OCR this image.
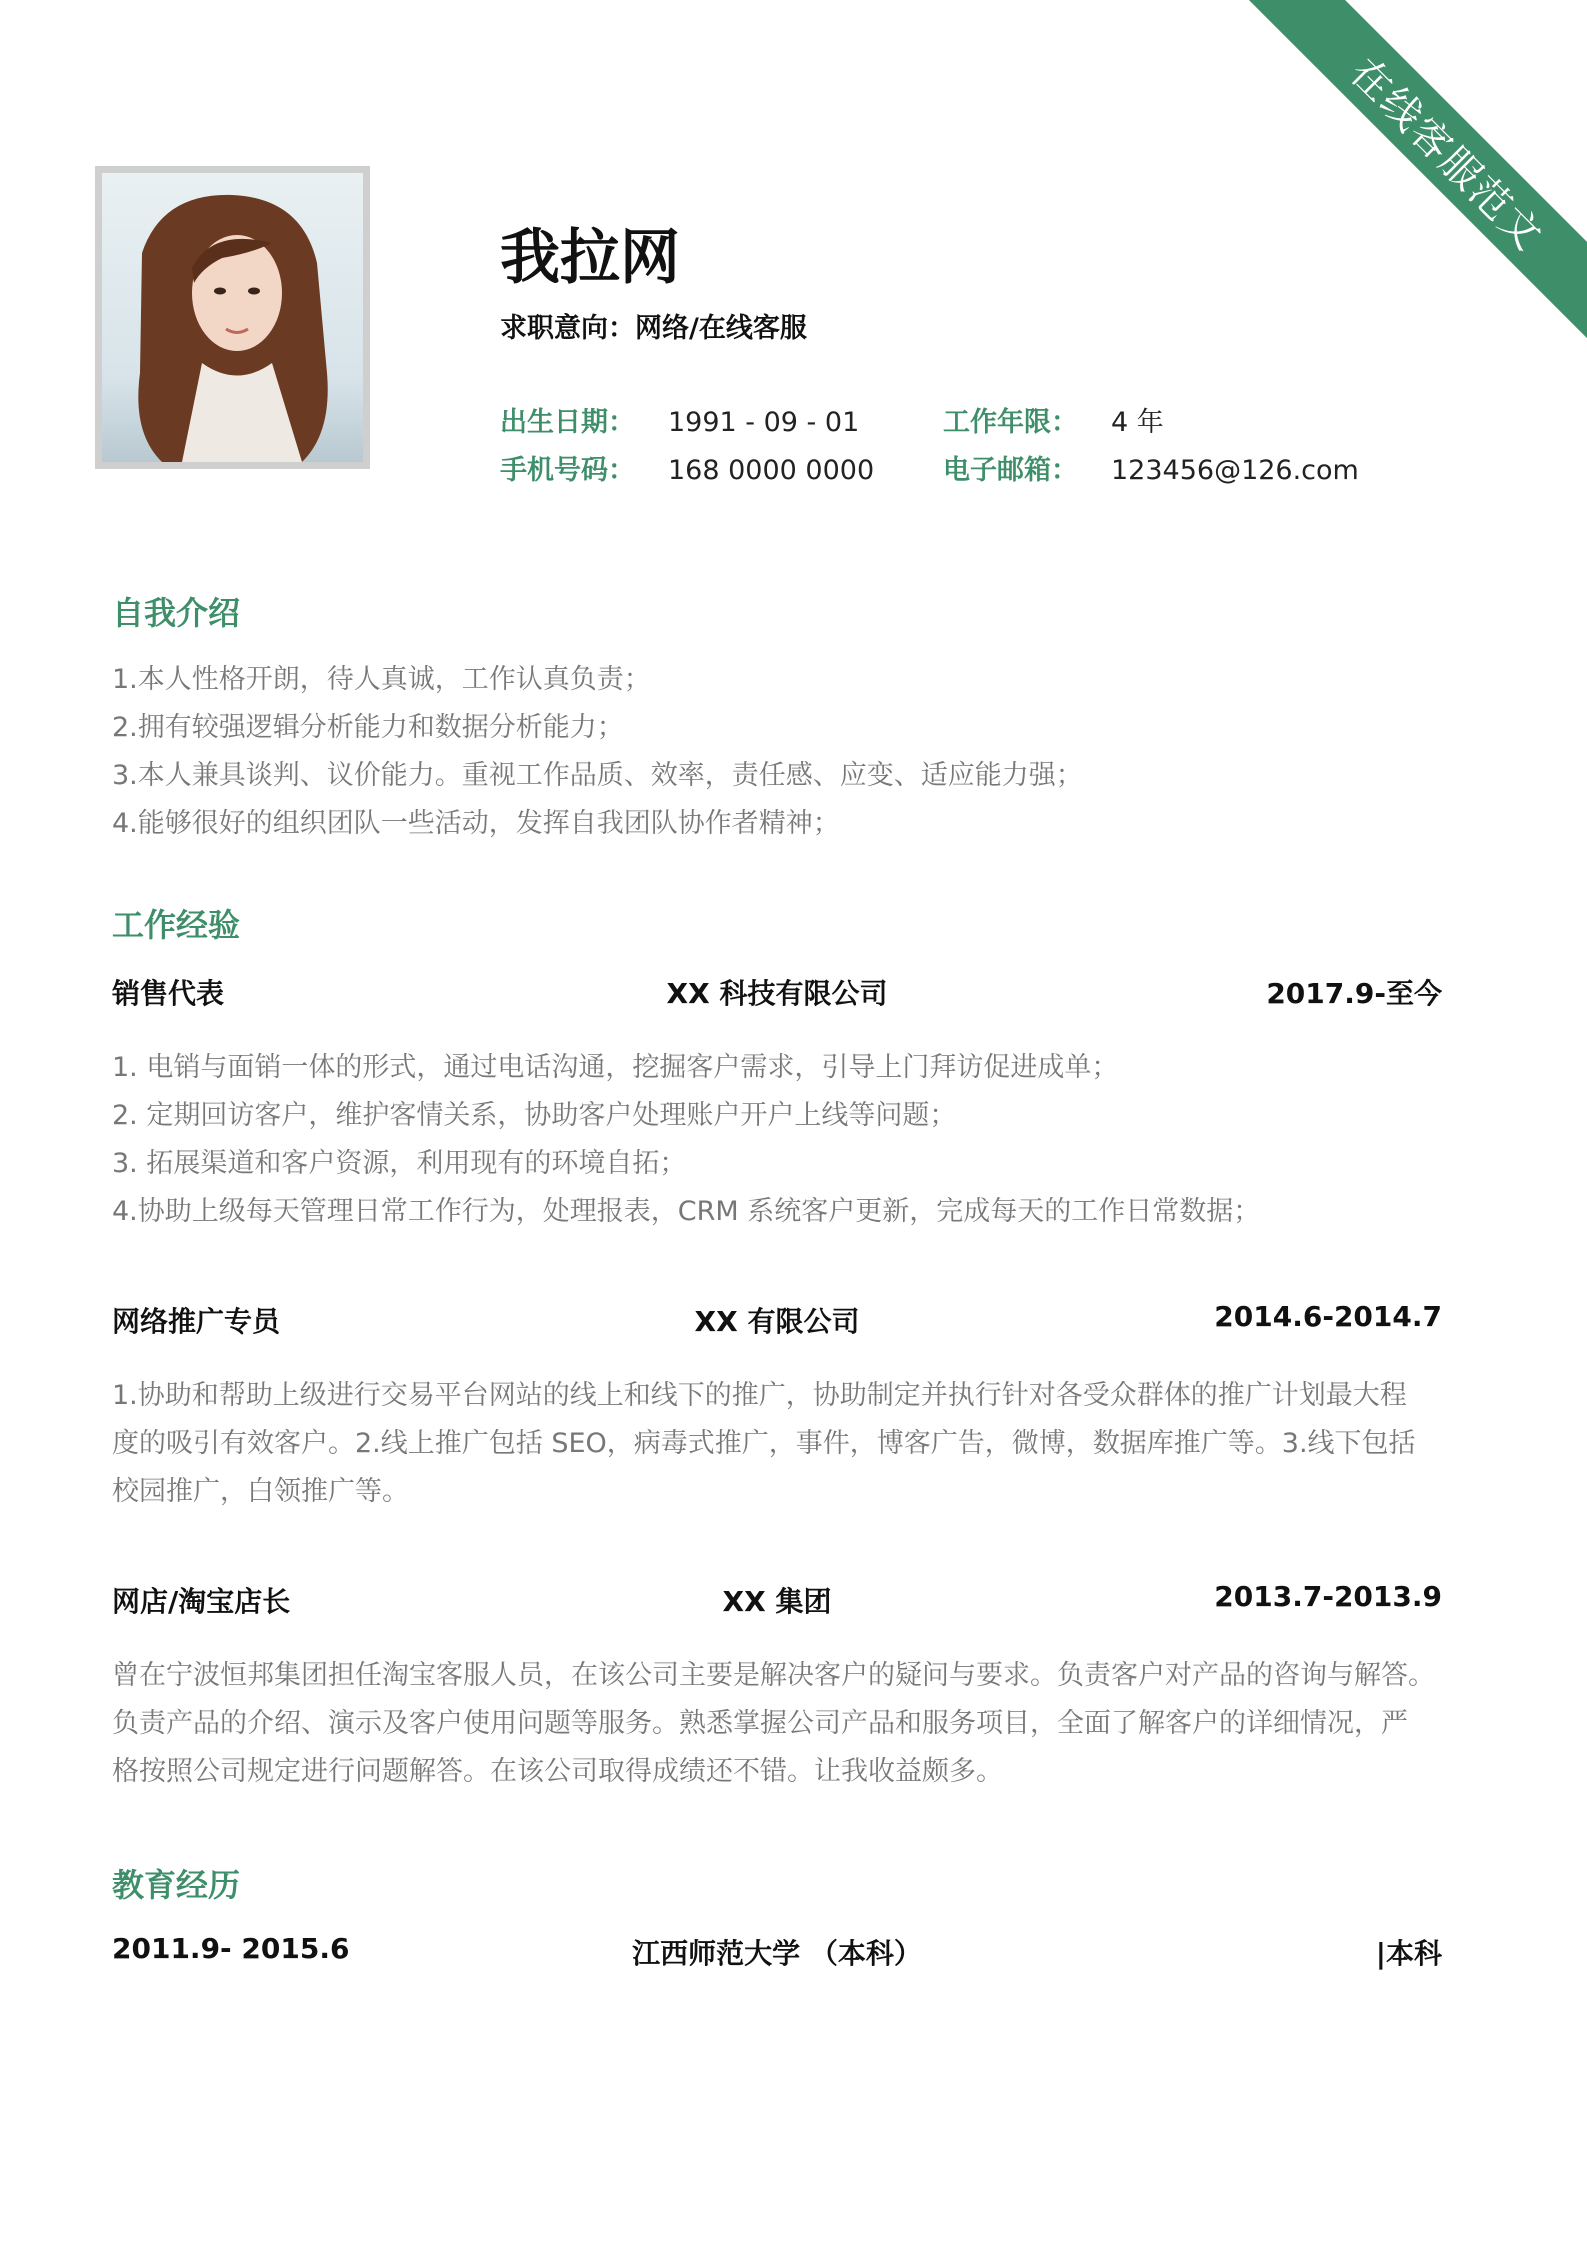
在线客服范文
我拉网
求职意向：网络/在线客服
出生日期： 1991 - 09 - 01	工作年限： 4 年
手机号码： 168 0000 0000	电子邮箱： 123456@126.com
自我介绍
1.本人性格开朗，待人真诚，工作认真负责；
2.拥有较强逻辑分析能力和数据分析能力；
3.本人兼具谈判、议价能力。重视工作品质、效率，责任感、应变、适应能力强；
4.能够很好的组织团队一些活动，发挥自我团队协作者精神；
工作经验
销售代表	XX 科技有限公司	2017.9-至今
1. 电销与面销一体的形式，通过电话沟通，挖掘客户需求，引导上门拜访促进成单；
2. 定期回访客户，维护客情关系，协助客户处理账户开户上线等问题；
3. 拓展渠道和客户资源，利用现有的环境自拓；
4.协助上级每天管理日常工作行为，处理报表，CRM 系统客户更新，完成每天的工作日常数据；
网络推广专员	XX 有限公司	2014.6-2014.7
1.协助和帮助上级进行交易平台网站的线上和线下的推广，协助制定并执行针对各受众群体的推广计划最大程
度的吸引有效客户。2.线上推广包括 SEO，病毒式推广，事件，博客广告，微博，数据库推广等。3.线下包括
校园推广，白领推广等。
网店/淘宝店长	XX 集团	2013.7-2013.9
曾在宁波恒邦集团担任淘宝客服人员，在该公司主要是解决客户的疑问与要求。负责客户对产品的咨询与解答。
负责产品的介绍、演示及客户使用问题等服务。熟悉掌握公司产品和服务项目，全面了解客户的详细情况，严
格按照公司规定进行问题解答。在该公司取得成绩还不错。让我收益颇多。
教育经历
2011.9- 2015.6	江西师范大学 （本科）	|本科
